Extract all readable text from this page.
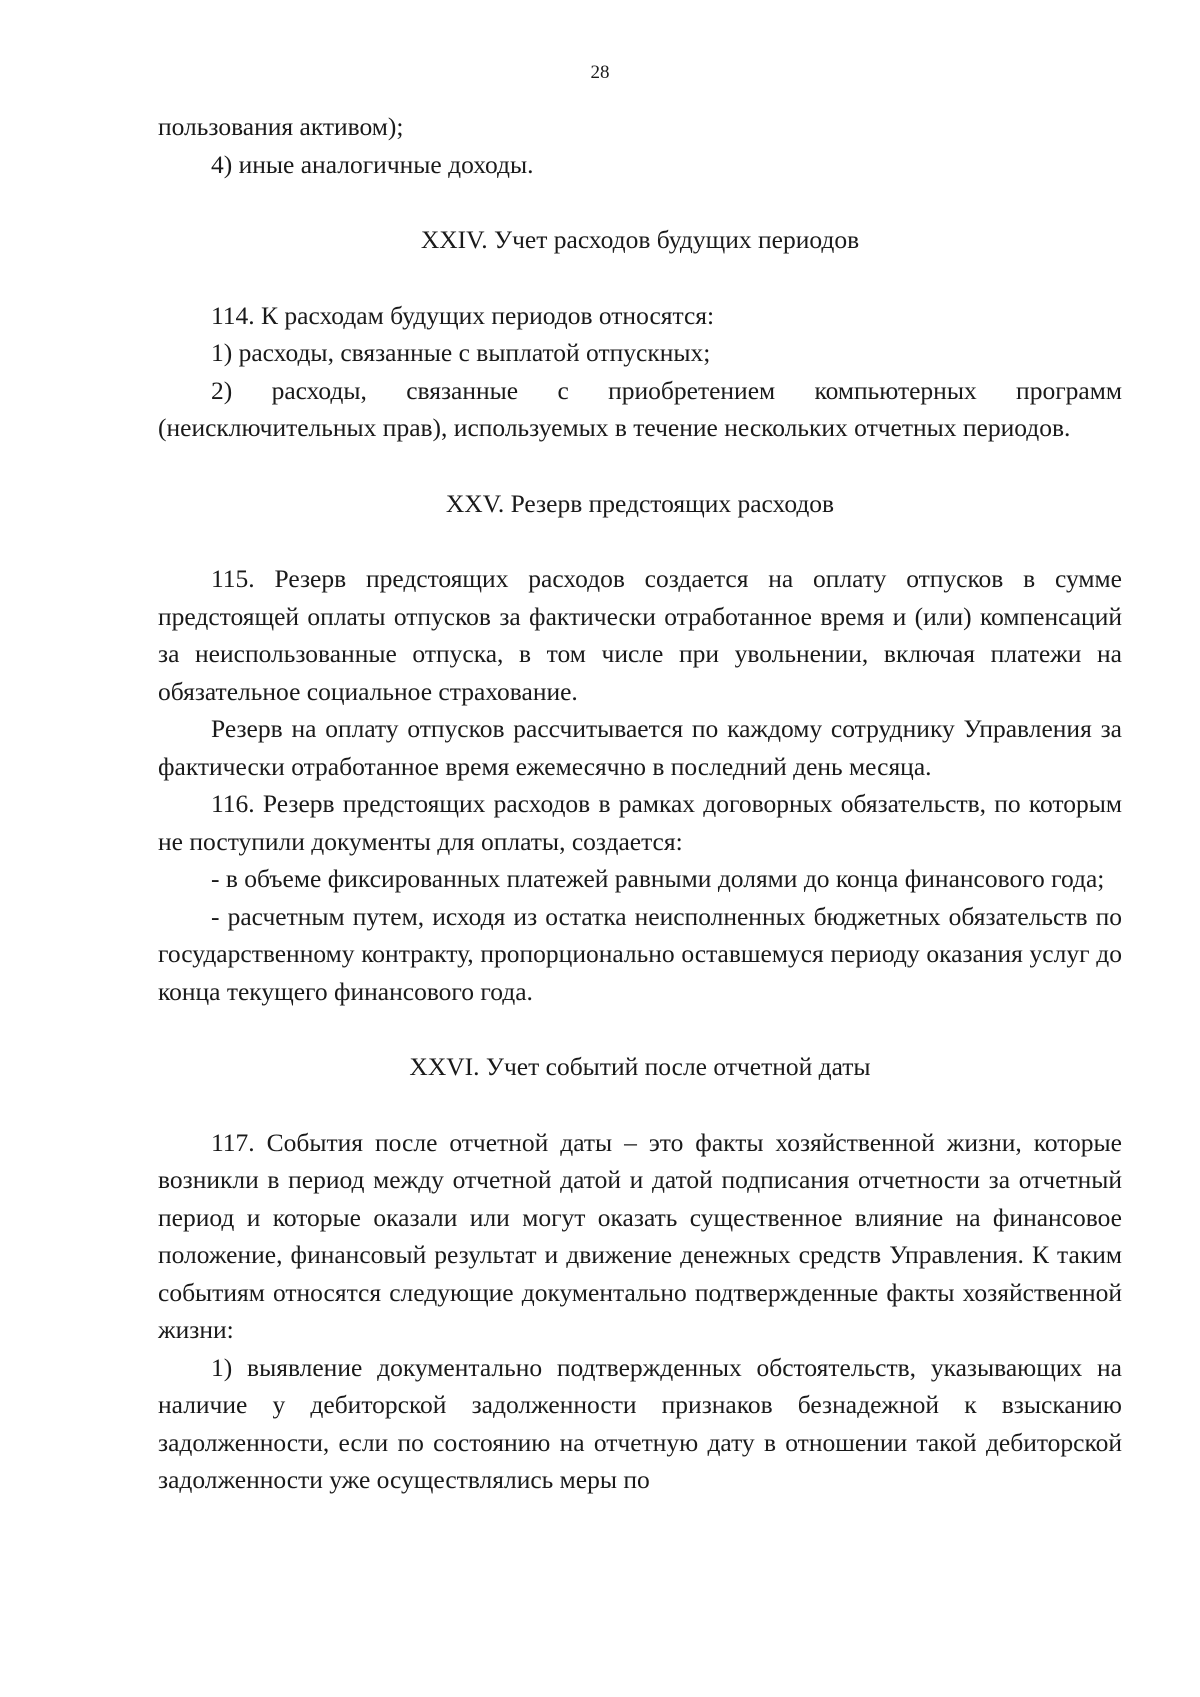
28

пользования активом);

4) иные аналогичные доходы.

XXIV. Учет расходов будущих периодов

114. К расходам будущих периодов относятся:

1) расходы, связанные с выплатой отпускных;

2) расходы, связанные с приобретением компьютерных программ (неисключительных прав), используемых в течение нескольких отчетных периодов.

XXV. Резерв предстоящих расходов

115. Резерв предстоящих расходов создается на оплату отпусков в сумме предстоящей оплаты отпусков за фактически отработанное время и (или) компенсаций за неиспользованные отпуска, в том числе при увольнении, включая платежи на обязательное социальное страхование.

Резерв на оплату отпусков рассчитывается по каждому сотруднику Управления за фактически отработанное время ежемесячно в последний день месяца.

116. Резерв предстоящих расходов в рамках договорных обязательств, по которым не поступили документы для оплаты, создается:

- в объеме фиксированных платежей равными долями до конца финансового года;

- расчетным путем, исходя из остатка неисполненных бюджетных обязательств по государственному контракту, пропорционально оставшемуся периоду оказания услуг до конца текущего финансового года.

XXVI. Учет событий после отчетной даты

117. События после отчетной даты – это факты хозяйственной жизни, которые возникли в период между отчетной датой и датой подписания отчетности за отчетный период и которые оказали или могут оказать существенное влияние на финансовое положение, финансовый результат и движение денежных средств Управления. К таким событиям относятся следующие документально подтвержденные факты хозяйственной жизни:

1) выявление документально подтвержденных обстоятельств, указывающих на наличие у дебиторской задолженности признаков безнадежной к взысканию задолженности, если по состоянию на отчетную дату в отношении такой дебиторской задолженности уже осуществлялись меры по
